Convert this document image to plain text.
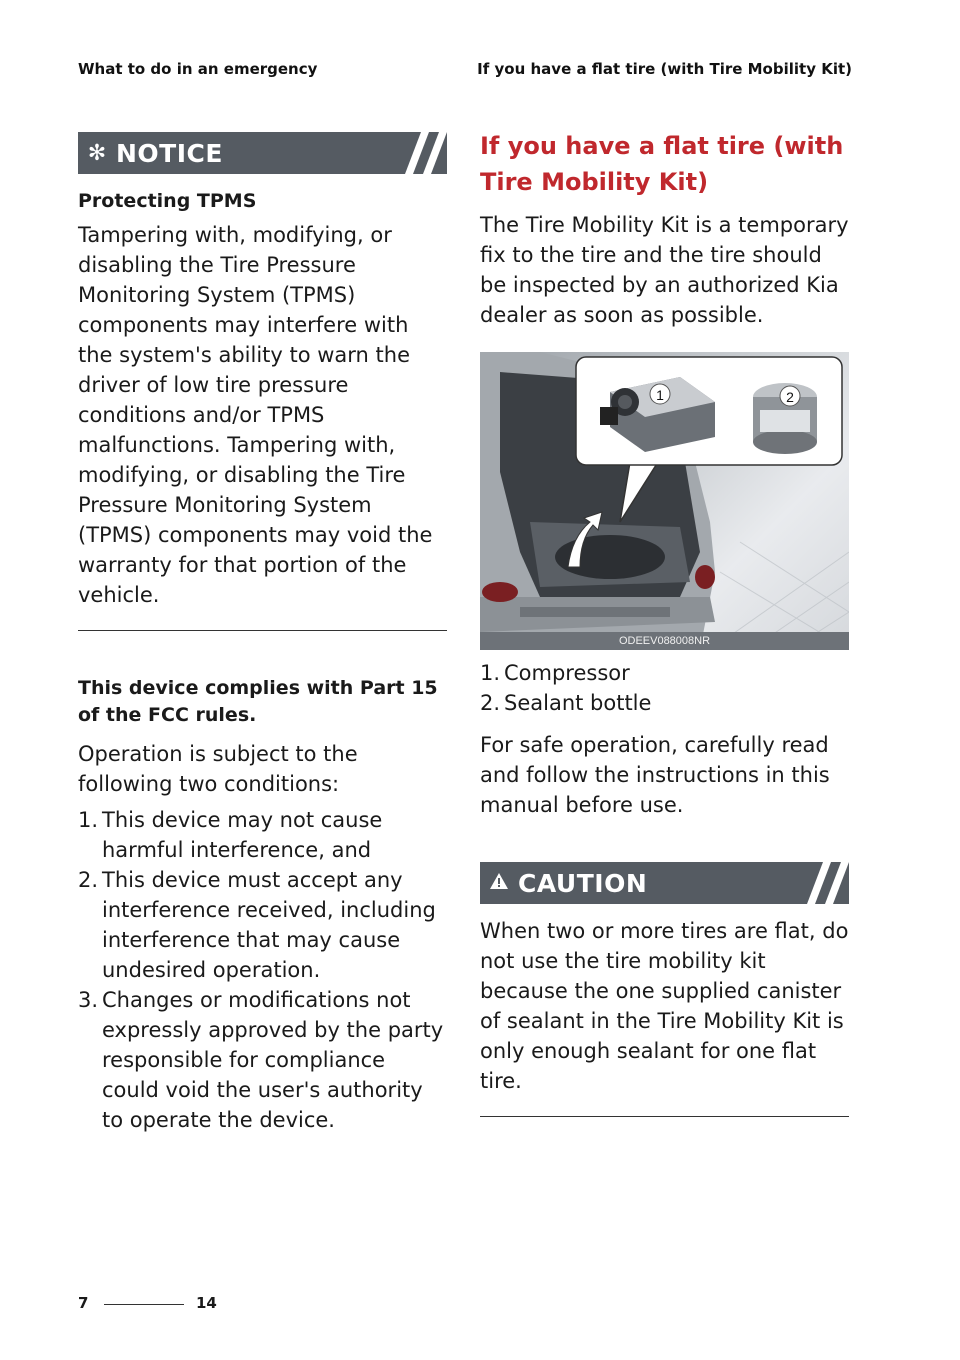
What to do in an emergency	If you have a flat tire (with Tire Mobility Kit)
✻ NOTICE
Protecting TPMS
Tampering with, modifying, or disabling the Tire Pressure Monitoring System (TPMS) components may interfere with the system's ability to warn the driver of low tire pressure conditions and/or TPMS malfunctions. Tampering with, modifying, or disabling the Tire Pressure Monitoring System (TPMS) components may void the warranty for that portion of the vehicle.
This device complies with Part 15 of the FCC rules.
Operation is subject to the following two conditions:
1. This device may not cause harmful interference, and
2. This device must accept any interference received, including interference that may cause undesired operation.
3. Changes or modifications not expressly approved by the party responsible for compliance could void the user's authority to operate the device.
If you have a flat tire (with Tire Mobility Kit)
The Tire Mobility Kit is a temporary fix to the tire and the tire should be inspected by an authorized Kia dealer as soon as possible.
1	2
ODEEV088008NR
1. Compressor
2. Sealant bottle
For safe operation, carefully read and follow the instructions in this manual before use.
CAUTION
When two or more tires are flat, do not use the tire mobility kit because the one supplied canister of sealant in the Tire Mobility Kit is only enough sealant for one flat tire.
7	14
